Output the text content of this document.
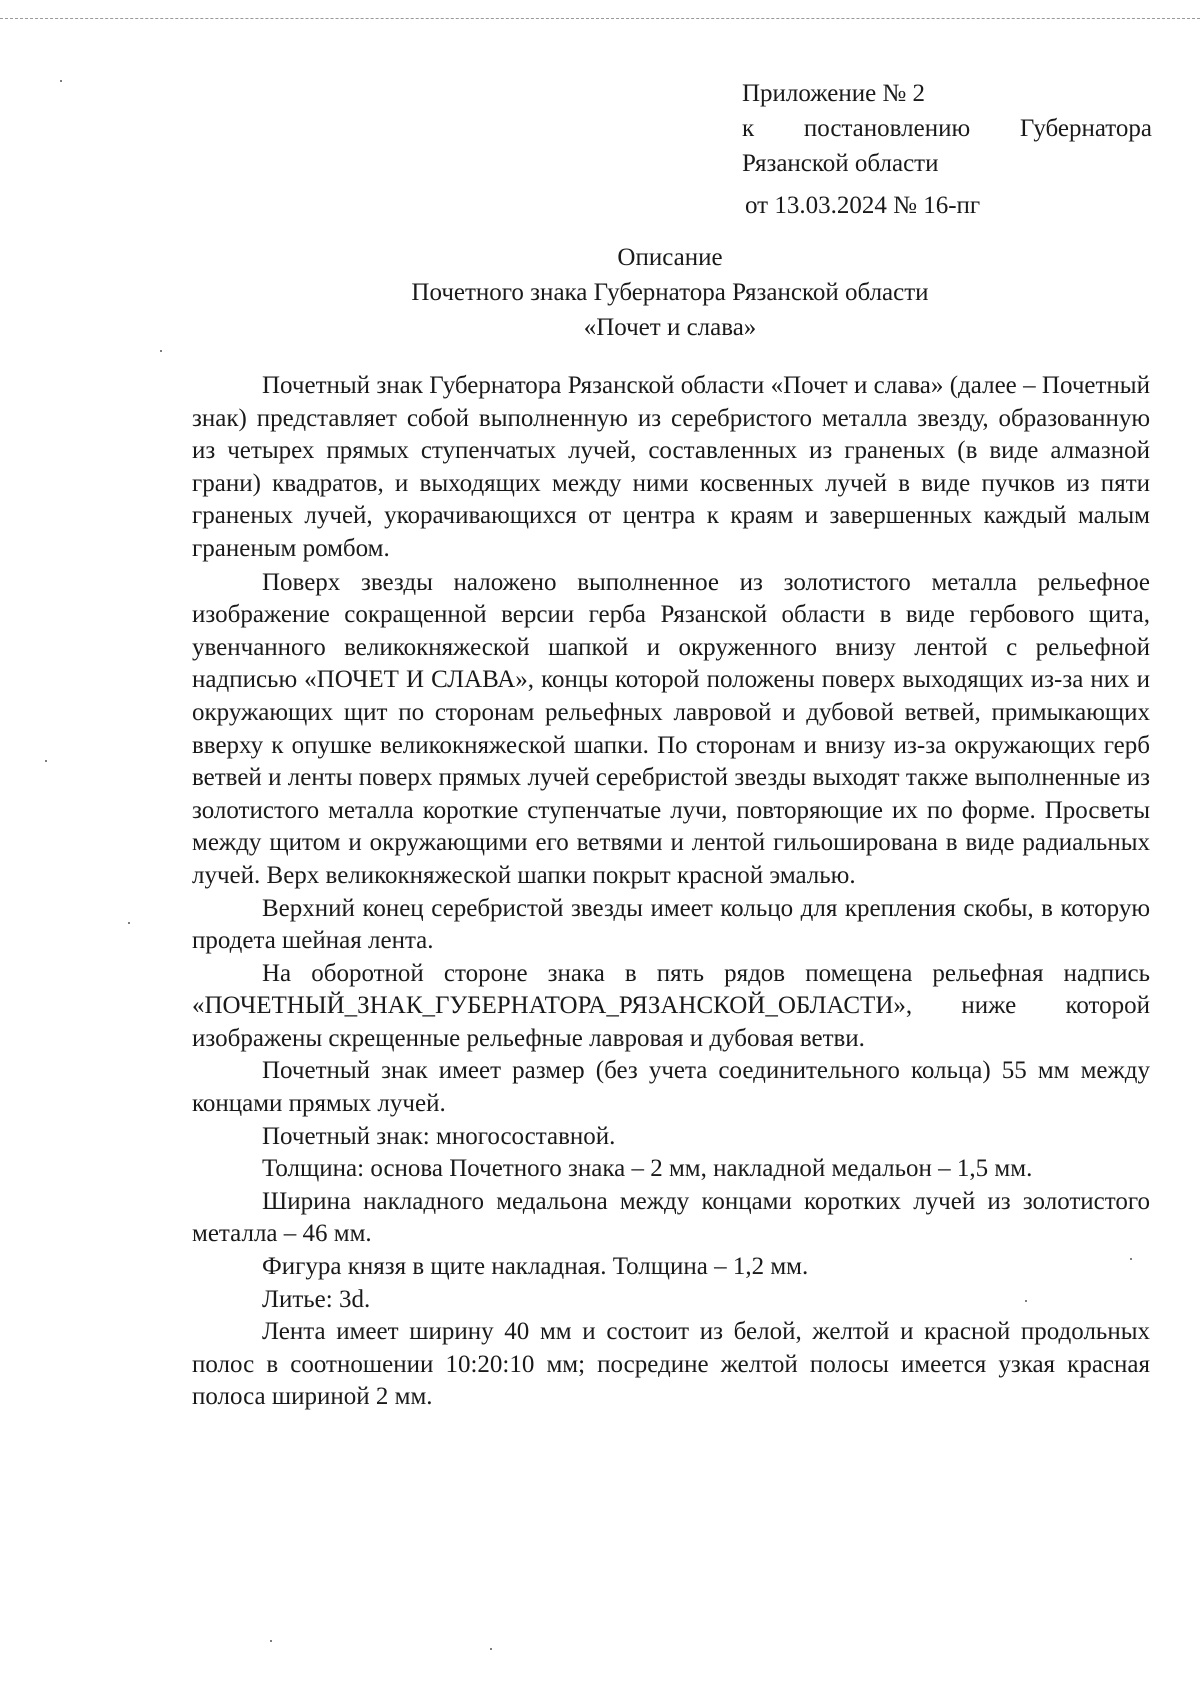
Приложение № 2
к постановлению Губернатора
Рязанской области
от 13.03.2024 № 16-пг
Описание
Почетного знака Губернатора Рязанской области
«Почет и слава»

Почетный знак Губернатора Рязанской области «Почет и слава» (далее – Почетный знак) представляет собой выполненную из серебристого металла звезду, образованную из четырех прямых ступенчатых лучей, составленных из граненых (в виде алмазной грани) квадратов, и выходящих между ними косвенных лучей в виде пучков из пяти граненых лучей, укорачивающихся от центра к краям и завершенных каждый малым граненым ромбом.

Поверх звезды наложено выполненное из золотистого металла рельефное изображение сокращенной версии герба Рязанской области в виде гербового щита, увенчанного великокняжеской шапкой и окруженного внизу лентой с рельефной надписью «ПОЧЕТ И СЛАВА», концы которой положены поверх выходящих из-за них и окружающих щит по сторонам рельефных лавровой и дубовой ветвей, примыкающих вверху к опушке великокняжеской шапки. По сторонам и внизу из-за окружающих герб ветвей и ленты поверх прямых лучей серебристой звезды выходят также выполненные из золотистого металла короткие ступенчатые лучи, повторяющие их по форме. Просветы между щитом и окружающими его ветвями и лентой гильоширована в виде радиальных лучей. Верх великокняжеской шапки покрыт красной эмалью.

Верхний конец серебристой звезды имеет кольцо для крепления скобы, в которую продета шейная лента.

На оборотной стороне знака в пять рядов помещена рельефная надпись «ПОЧЕТНЫЙ_ЗНАК_ГУБЕРНАТОРА_РЯЗАНСКОЙ_ОБЛАСТИ», ниже которой изображены скрещенные рельефные лавровая и дубовая ветви.

Почетный знак имеет размер (без учета соединительного кольца) 55 мм между концами прямых лучей.

Почетный знак: многосоставной.

Толщина: основа Почетного знака – 2 мм, накладной медальон – 1,5 мм.

Ширина накладного медальона между концами коротких лучей из золотистого металла – 46 мм.

Фигура князя в щите накладная. Толщина – 1,2 мм.

Литье: 3d.

Лента имеет ширину 40 мм и состоит из белой, желтой и красной продольных полос в соотношении 10:20:10 мм; посредине желтой полосы имеется узкая красная полоса шириной 2 мм.
